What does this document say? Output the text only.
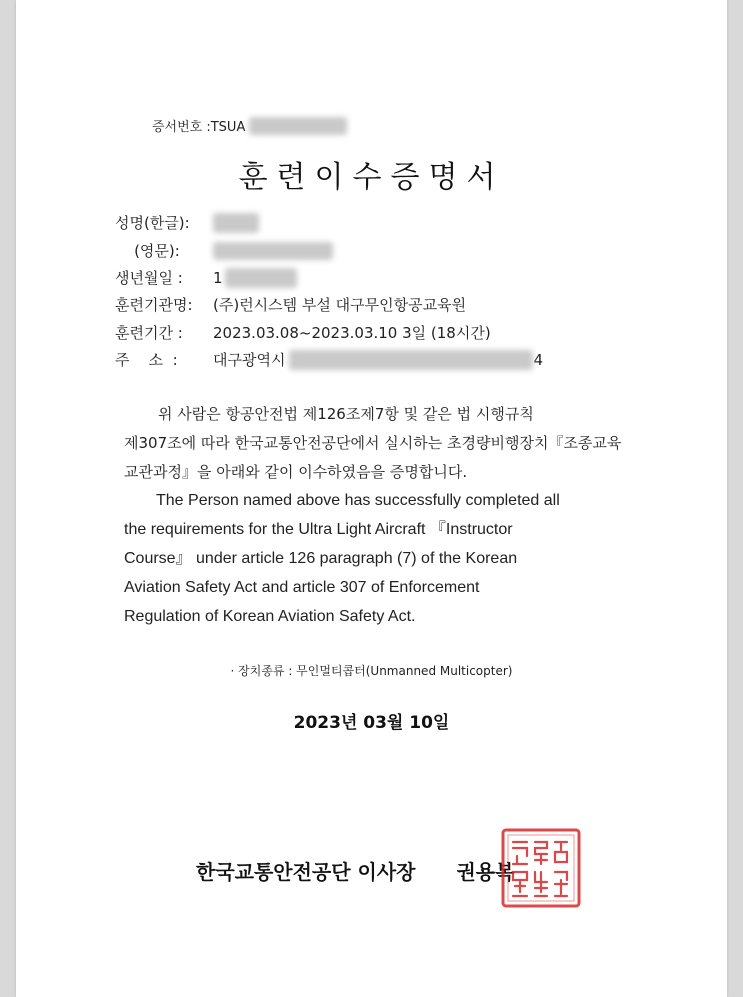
증서번호 :TSUA
훈련이수증명서
성명(한글):
(영문):
생년월일 :	1
훈련기관명:	(주)런시스템 부설 대구무인항공교육원
훈련기간 :	2023.03.08~2023.03.10 3일 (18시간)
주    소  :	대구광역시	4
위 사람은 항공안전법 제126조제7항 및 같은 법 시행규칙
제307조에 따라 한국교통안전공단에서 실시하는 초경량비행장치『조종교육
교관과정』을 아래와 같이 이수하였음을 증명합니다.
The Person named above has successfully completed all
the requirements for the Ultra Light Aircraft 『Instructor
Course』 under article 126 paragraph (7) of the Korean
Aviation Safety Act and article 307 of Enforcement
Regulation of Korean Aviation Safety Act.
· 장치종류 : 무인멀티콥터(Unmanned Multicopter)
2023년 03월 10일
한국교통안전공단 이사장 권용복
